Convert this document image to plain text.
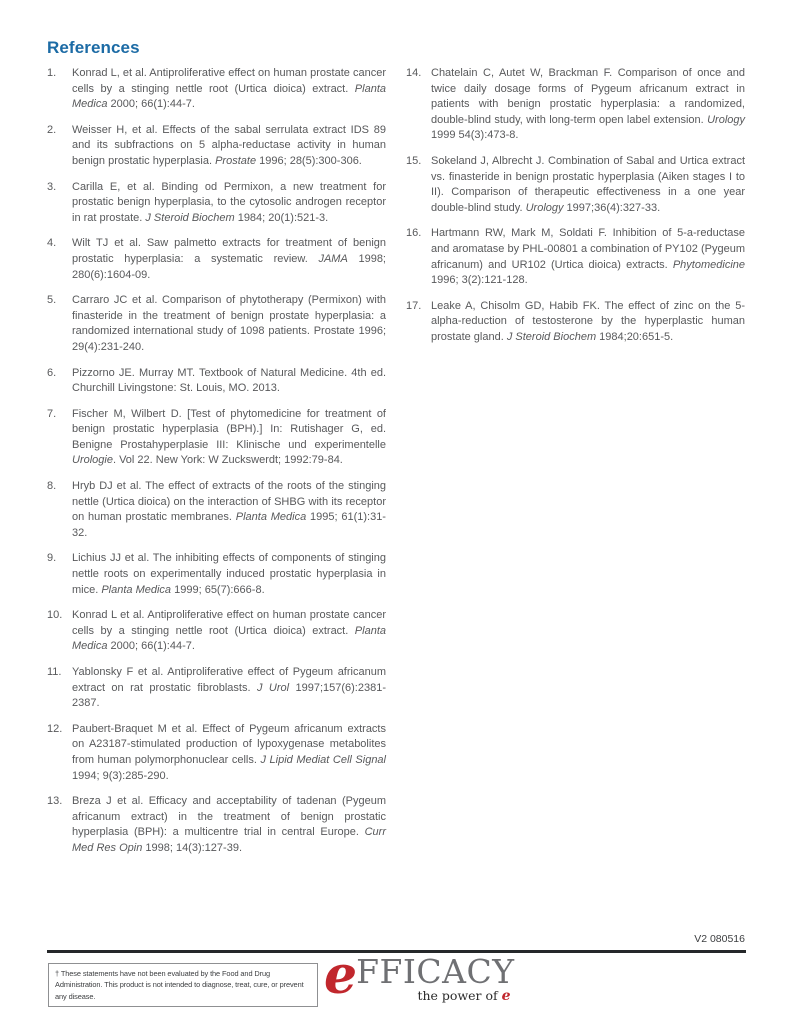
References
1.	Konrad L, et al. Antiproliferative effect on human prostate cancer cells by a stinging nettle root (Urtica dioica) extract. Planta Medica 2000; 66(1):44-7.
2.	Weisser H, et al. Effects of the sabal serrulata extract IDS 89 and its subfractions on 5 alpha-reductase activity in human benign prostatic hyperplasia. Prostate 1996; 28(5):300-306.
3.	Carilla E, et al. Binding od Permixon, a new treatment for prostatic benign hyperplasia, to the cytosolic androgen receptor in rat prostate. J Steroid Biochem 1984; 20(1):521-3.
4.	Wilt TJ et al. Saw palmetto extracts for treatment of benign prostatic hyperplasia: a systematic review. JAMA 1998; 280(6):1604-09.
5.	Carraro JC et al. Comparison of phytotherapy (Permixon) with finasteride in the treatment of benign prostate hyperplasia: a randomized international study of 1098 patients. Prostate 1996; 29(4):231-240.
6.	Pizzorno JE. Murray MT. Textbook of Natural Medicine. 4th ed. Churchill Livingstone: St. Louis, MO. 2013.
7.	Fischer M, Wilbert D. [Test of phytomedicine for treatment of benign prostatic hyperplasia (BPH).] In: Rutishager G, ed. Benigne Prostahyperplasie III: Klinische und experimentelle Urologie. Vol 22. New York: W Zuckswerdt; 1992:79-84.
8.	Hryb DJ et al. The effect of extracts of the roots of the stinging nettle (Urtica dioica) on the interaction of SHBG with its receptor on human prostatic membranes. Planta Medica 1995; 61(1):31-32.
9.	Lichius JJ et al. The inhibiting effects of components of stinging nettle roots on experimentally induced prostatic hyperplasia in mice. Planta Medica 1999; 65(7):666-8.
10. Konrad L et al. Antiproliferative effect on human prostate cancer cells by a stinging nettle root (Urtica dioica) extract. Planta Medica 2000; 66(1):44-7.
11. Yablonsky F et al. Antiproliferative effect of Pygeum africanum extract on rat prostatic fibroblasts. J Urol 1997;157(6):2381-2387.
12. Paubert-Braquet M et al. Effect of Pygeum africanum extracts on A23187-stimulated production of lypoxygenase metabolites from human polymorphonuclear cells. J Lipid Mediat Cell Signal 1994; 9(3):285-290.
13. Breza J et al. Efficacy and acceptability of tadenan (Pygeum africanum extract) in the treatment of benign prostatic hyperplasia (BPH): a multicentre trial in central Europe. Curr Med Res Opin 1998; 14(3):127-39.
14. Chatelain C, Autet W, Brackman F. Comparison of once and twice daily dosage forms of Pygeum africanum extract in patients with benign prostatic hyperplasia: a randomized, double-blind study, with long-term open label extension. Urology 1999 54(3):473-8.
15. Sokeland J, Albrecht J. Combination of Sabal and Urtica extract vs. finasteride in benign prostatic hyperplasia (Aiken stages I to II). Comparison of therapeutic effectiveness in a one year double-blind study. Urology 1997;36(4):327-33.
16. Hartmann RW, Mark M, Soldati F. Inhibition of 5-a-reductase and aromatase by PHL-00801 a combination of PY102 (Pygeum africanum) and UR102 (Urtica dioica) extracts. Phytomedicine 1996; 3(2):121-128.
17. Leake A, Chisolm GD, Habib FK. The effect of zinc on the 5-alpha-reduction of testosterone by the hyperplastic human prostate gland. J Steroid Biochem 1984;20:651-5.
V2 080516
† These statements have not been evaluated by the Food and Drug Administration. This product is not intended to diagnose, treat, cure, or prevent any disease.	e FFICACY
the power of e
